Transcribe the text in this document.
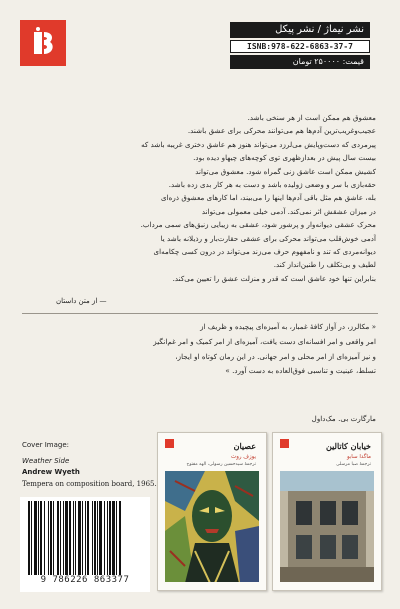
نشر نیماژ / نشر پیکل
ISNB:978-622-6863-37-7
قیمت: ۲۵۰۰۰۰ تومان
معشوق هم ممکن است از هر سنخی باشد.
عجیب‌وغریب‌ترین آدم‌ها هم می‌توانند محرکی برای عشق باشند.
پیرمردی که دست‌وپایش می‌لرزد می‌تواند هنوز هم عاشق دختری غریبه باشد که
بیست سال پیش در بعدازظهری توی کوچه‌های چیهاو دیده بود.
کشیش ممکن است عاشق زنی گمراه شود. معشوق می‌تواند
حقه‌بازی با سر و وضعی ژولیده باشد و دست به هر کار بدی زده باشد.
بله، عاشق هم مثل باقی آدم‌ها اینها را می‌بیند، اما کارهای معشوق ذره‌ای
در میزان عشقش اثر نمی‌کند. آدمی خیلی معمولی می‌تواند
محرک عشقی دیوانه‌وار و پرشور شود، عشقی به زیبایی زنبق‌های سمی مرداب.
آدمی خوش‌قلب می‌تواند محرکی برای عشقی حقارت‌بار و رذیلانه باشد یا
دیوانه‌مردی که تند و نامفهوم حرف می‌زند می‌تواند در درون کسی چکامه‌ای
لطیف و بی‌تکلف را طنین‌انداز کند.
بنابراین تنها خود عاشق است که قدر و منزلت عشق را تعیین می‌کند.
— از متن داستان
« مکالرز، در آواز کافهٔ غمبار، به آمیزه‌ای پیچیده و ظریف از
امر واقعی و امر افسانه‌ای دست یافت، آمیزه‌ای از امر کمیک و امر غم‌انگیز
و نیز آمیزه‌ای از امر محلی و امر جهانی. در این رمان کوتاه او ایجاز،
تسلط، عینیت و تناسبی فوق‌العاده به دست آورد. »
مارگارت بی. مک‌داول
Cover Image:
Weather Side
Andrew Wyeth
Tempera on composition board, 1965.
9 786226 863377
عصیان
یوزف روت
ترجمهٔ سیدحسین رسولی، الهه مفتوح
خیابان کاتالین
ماگدا سابو
ترجمهٔ صبا مرسلی
